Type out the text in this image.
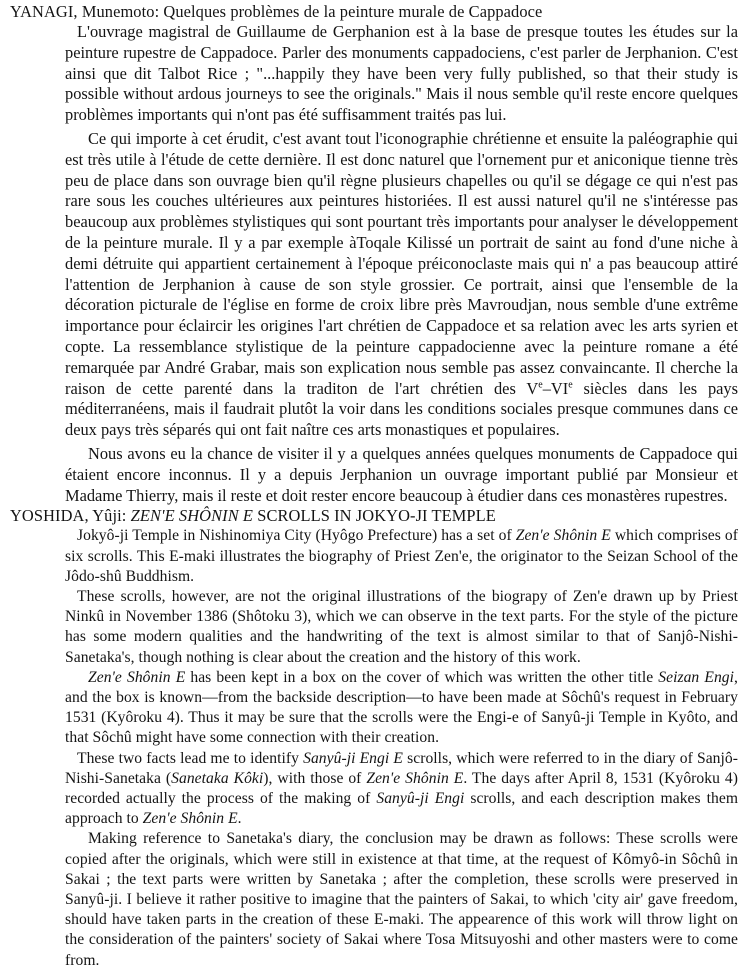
YANAGI, Munemoto: Quelques problèmes de la peinture murale de Cappadoce

L'ouvrage magistral de Guillaume de Gerphanion est à la base de presque toutes les études sur la peinture rupestre de Cappadoce. Parler des monuments cappadociens, c'est parler de Jerphanion. C'est ainsi que dit Talbot Rice ; "...happily they have been very fully published, so that their study is possible without ardous journeys to see the originals." Mais il nous semble qu'il reste encore quelques problèmes importants qui n'ont pas été suffisamment traités pas lui.

Ce qui importe à cet érudit, c'est avant tout l'iconographie chrétienne et ensuite la paléographie qui est très utile à l'étude de cette dernière. Il est donc naturel que l'ornement pur et aniconique tienne très peu de place dans son ouvrage bien qu'il règne plusieurs chapelles ou qu'il se dégage ce qui n'est pas rare sous les couches ultérieures aux peintures historiées. Il est aussi naturel qu'il ne s'intéresse pas beaucoup aux problèmes stylistiques qui sont pourtant très importants pour analyser le développement de la peinture murale. Il y a par exemple àToqale Kilissé un portrait de saint au fond d'une niche à demi détruite qui appartient certainement à l'époque préiconoclaste mais qui n' a pas beaucoup attiré l'attention de Jerphanion à cause de son style grossier. Ce portrait, ainsi que l'ensemble de la décoration picturale de l'église en forme de croix libre près Mavroudjan, nous semble d'une extrême importance pour éclaircir les origines l'art chrétien de Cappadoce et sa relation avec les arts syrien et copte. La ressemblance stylistique de la peinture cappadocienne avec la peinture romane a été remarquée par André Grabar, mais son explication nous semble pas assez convaincante. Il cherche la raison de cette parenté dans la traditon de l'art chrétien des Ve–VIe siècles dans les pays méditerranéens, mais il faudrait plutôt la voir dans les conditions sociales presque communes dans ce deux pays très séparés qui ont fait naître ces arts monastiques et populaires.

Nous avons eu la chance de visiter il y a quelques années quelques monuments de Cappadoce qui étaient encore inconnus. Il y a depuis Jerphanion un ouvrage important publié par Monsieur et Madame Thierry, mais il reste et doit rester encore beaucoup à étudier dans ces monastères rupestres.

YOSHIDA, Yûji: ZEN'E SHÔNIN E SCROLLS IN JOKYO-JI TEMPLE

Jokyô-ji Temple in Nishinomiya City (Hyôgo Prefecture) has a set of Zen'e Shônin E which comprises of six scrolls. This E-maki illustrates the biography of Priest Zen'e, the originator to the Seizan School of the Jôdo-shû Buddhism.

These scrolls, however, are not the original illustrations of the biograpy of Zen'e drawn up by Priest Ninkû in November 1386 (Shôtoku 3), which we can observe in the text parts. For the style of the picture has some modern qualities and the handwriting of the text is almost similar to that of Sanjô-Nishi-Sanetaka's, though nothing is clear about the creation and the history of this work.

Zen'e Shônin E has been kept in a box on the cover of which was written the other title Seizan Engi, and the box is known—from the backside description—to have been made at Sôchû's request in February 1531 (Kyôroku 4). Thus it may be sure that the scrolls were the Engi-e of Sanyû-ji Temple in Kyôto, and that Sôchû might have some connection with their creation.

These two facts lead me to identify Sanyû-ji Engi E scrolls, which were referred to in the diary of Sanjô-Nishi-Sanetaka (Sanetaka Kôki), with those of Zen'e Shônin E. The days after April 8, 1531 (Kyôroku 4) recorded actually the process of the making of Sanyû-ji Engi scrolls, and each description makes them approach to Zen'e Shônin E.

Making reference to Sanetaka's diary, the conclusion may be drawn as follows: These scrolls were copied after the originals, which were still in existence at that time, at the request of Kômyô-in Sôchû in Sakai ; the text parts were written by Sanetaka ; after the completion, these scrolls were preserved in Sanyû-ji. I believe it rather positive to imagine that the painters of Sakai, to which 'city air' gave freedom, should have taken parts in the creation of these E-maki. The appearence of this work will throw light on the consideration of the painters' society of Sakai where Tosa Mitsuyoshi and other masters were to come from.
